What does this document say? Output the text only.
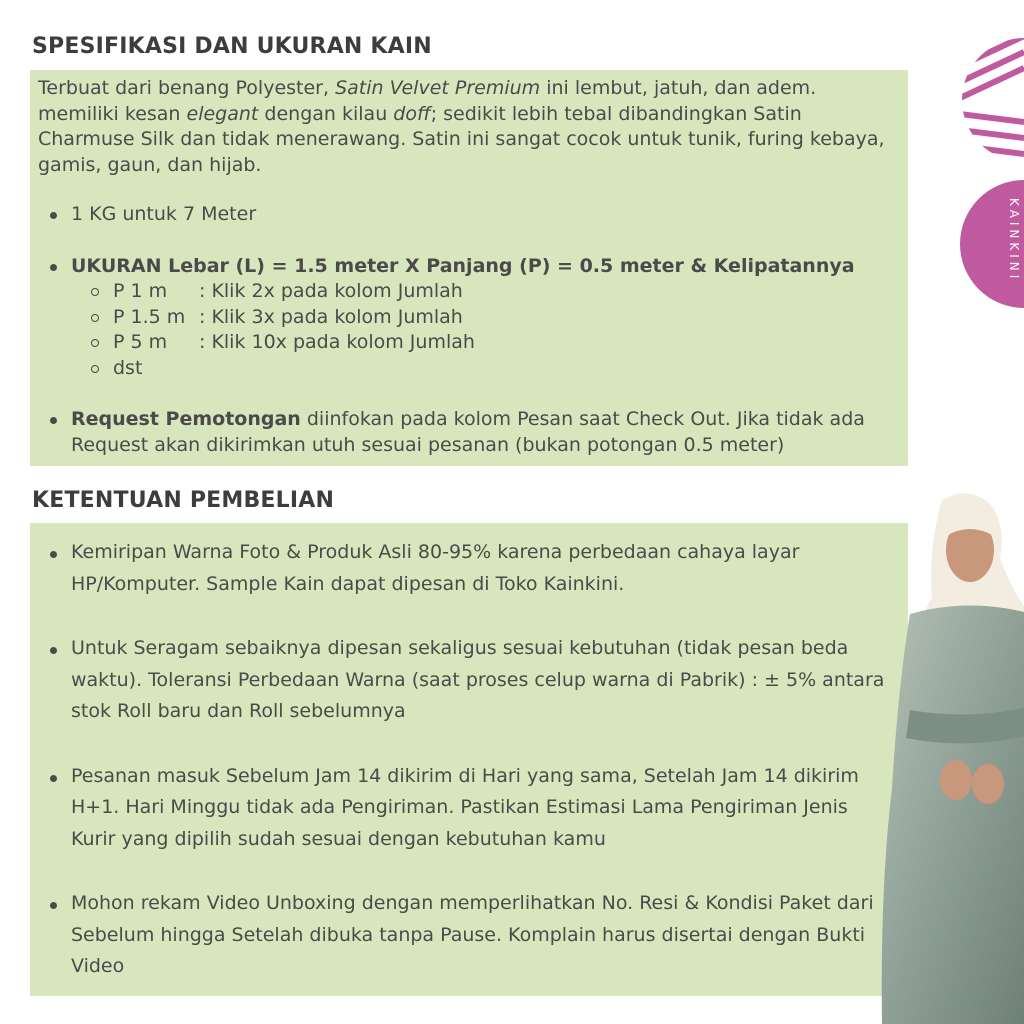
SPESIFIKASI DAN UKURAN KAIN

Terbuat dari benang Polyester, Satin Velvet Premium ini lembut, jatuh, dan adem. memiliki kesan elegant dengan kilau doff; sedikit lebih tebal dibandingkan Satin Charmuse Silk dan tidak menerawang. Satin ini sangat cocok untuk tunik, furing kebaya, gamis, gaun, dan hijab.

1 KG untuk 7 Meter
UKURAN Lebar (L) = 1.5 meter X Panjang (P) = 0.5 meter & Kelipatannya
P 1 m : Klik 2x pada kolom Jumlah
P 1.5 m : Klik 3x pada kolom Jumlah
P 5 m : Klik 10x pada kolom Jumlah
dst
Request Pemotongan diinfokan pada kolom Pesan saat Check Out. Jika tidak ada Request akan dikirimkan utuh sesuai pesanan (bukan potongan 0.5 meter)
KETENTUAN PEMBELIAN
Kemiripan Warna Foto & Produk Asli 80-95% karena perbedaan cahaya layar HP/Komputer. Sample Kain dapat dipesan di Toko Kainkini.
Untuk Seragam sebaiknya dipesan sekaligus sesuai kebutuhan (tidak pesan beda waktu). Toleransi Perbedaan Warna (saat proses celup warna di Pabrik) : ± 5% antara stok Roll baru dan Roll sebelumnya
Pesanan masuk Sebelum Jam 14 dikirim di Hari yang sama, Setelah Jam 14 dikirim H+1. Hari Minggu tidak ada Pengiriman. Pastikan Estimasi Lama Pengiriman Jenis Kurir yang dipilih sudah sesuai dengan kebutuhan kamu
Mohon rekam Video Unboxing dengan memperlihatkan No. Resi & Kondisi Paket dari Sebelum hingga Setelah dibuka tanpa Pause. Komplain harus disertai dengan Bukti Video
KAINKINI
